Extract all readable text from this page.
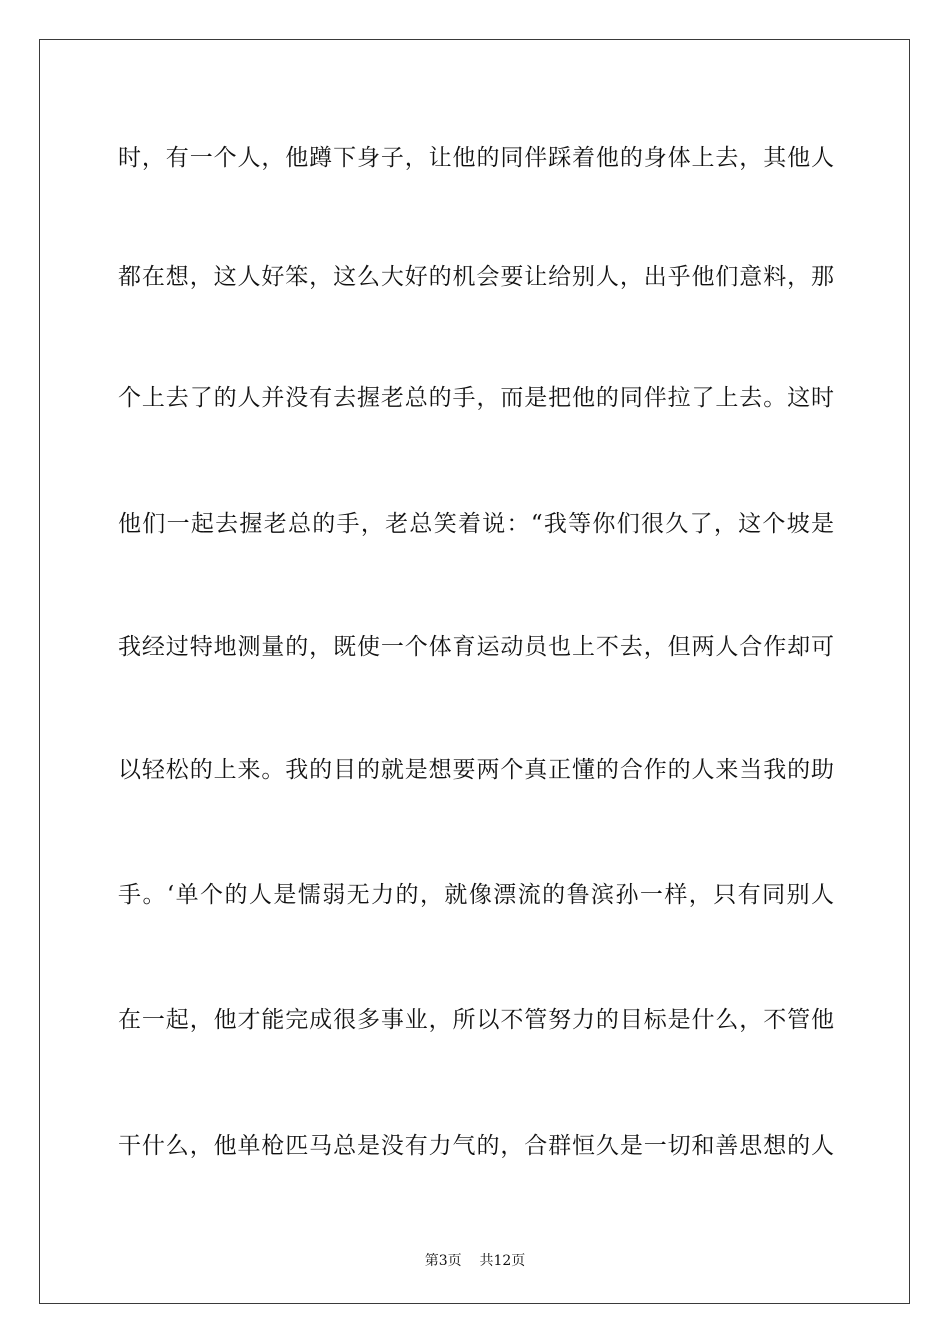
时，有一个人，他蹲下身子，让他的同伴踩着他的身体上去，其他人
都在想，这人好笨，这么大好的机会要让给别人，出乎他们意料，那
个上去了的人并没有去握老总的手，而是把他的同伴拉了上去。这时
他们一起去握老总的手，老总笑着说：“我等你们很久了，这个坡是
我经过特地测量的，既使一个体育运动员也上不去，但两人合作却可
以轻松的上来。我的目的就是想要两个真正懂的合作的人来当我的助
手。‘单个的人是懦弱无力的，就像漂流的鲁滨孙一样，只有同别人
在一起，他才能完成很多事业，所以不管努力的目标是什么，不管他
干什么，他单枪匹马总是没有力气的，合群恒久是一切和善思想的人
第3页    共12页
